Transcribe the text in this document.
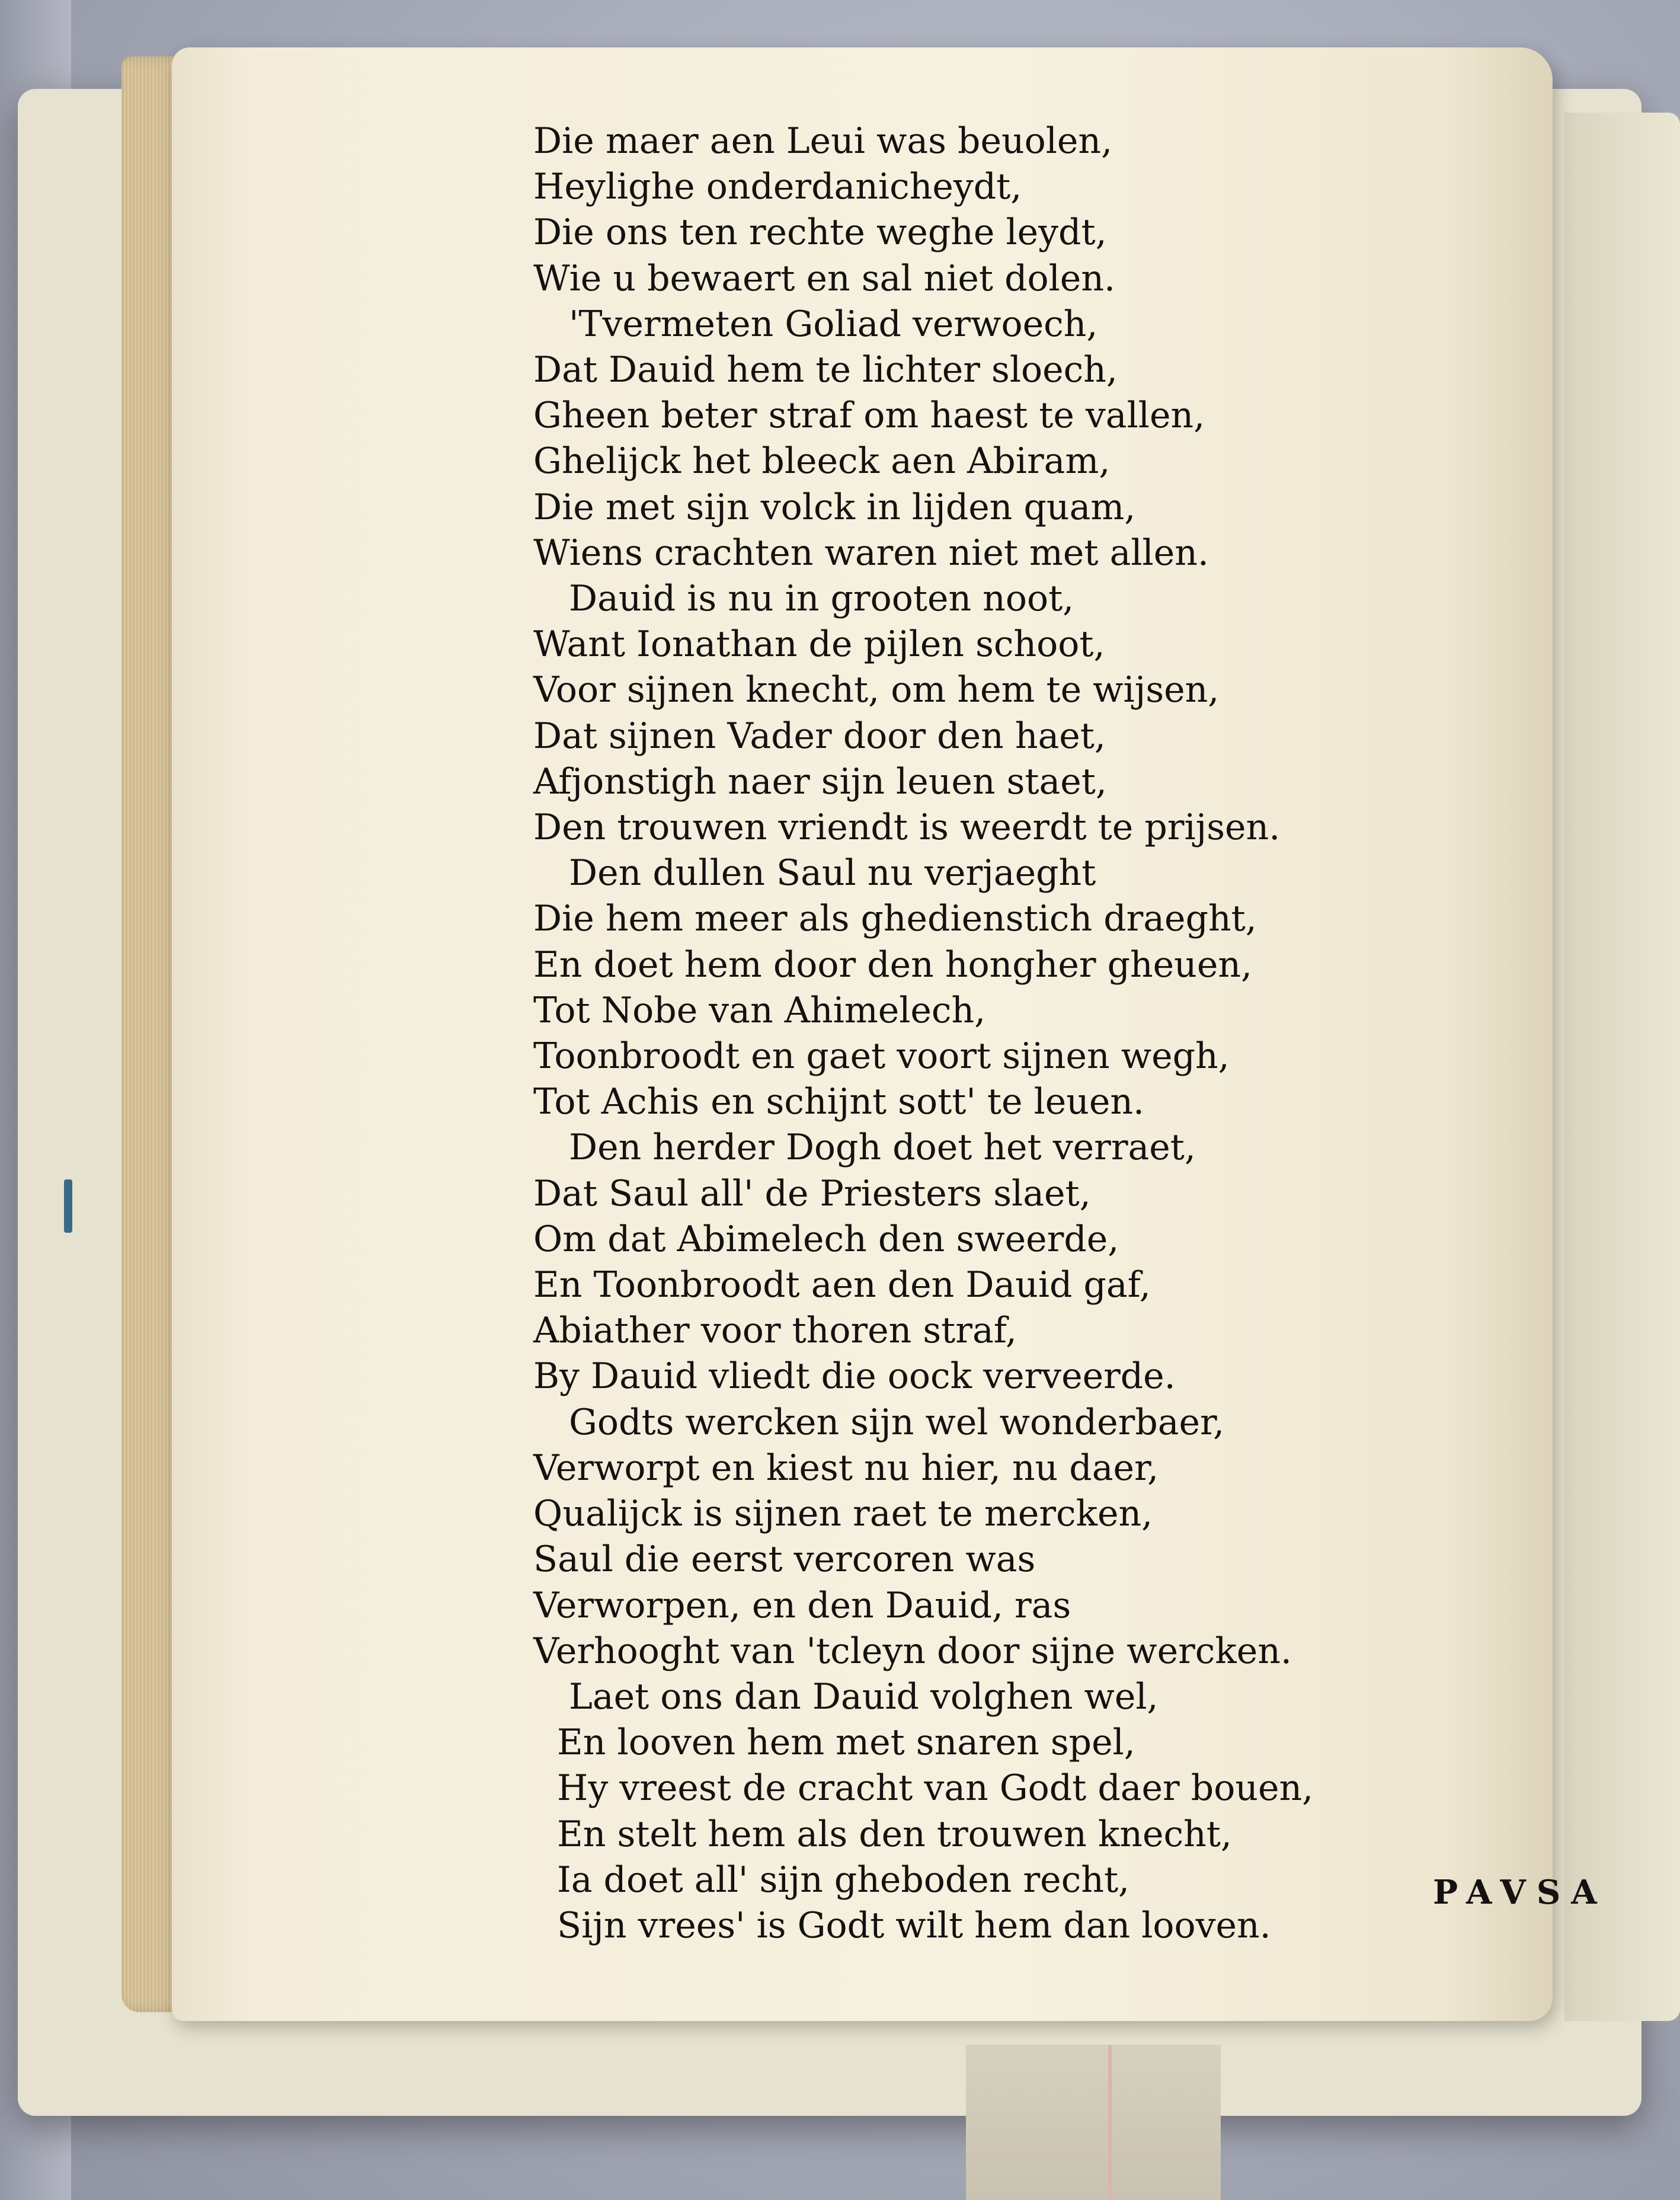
Die maer aen Leui was beuolen,
Heylighe onderdanicheydt,
Die ons ten rechte weghe leydt,
Wie u bewaert en sal niet dolen.
'Tvermeten Goliad verwoech,
Dat Dauid hem te lichter sloech,
Gheen beter straf om haest te vallen,
Ghelijck het bleeck aen Abiram,
Die met sijn volck in lijden quam,
Wiens crachten waren niet met allen.
Dauid is nu in grooten noot,
Want Ionathan de pijlen schoot,
Voor sijnen knecht, om hem te wijsen,
Dat sijnen Vader door den haet,
Afjonstigh naer sijn leuen staet,
Den trouwen vriendt is weerdt te prijsen.
Den dullen Saul nu verjaeght
Die hem meer als ghedienstich draeght,
En doet hem door den hongher gheuen,
Tot Nobe van Ahimelech,
Toonbroodt en gaet voort sijnen wegh,
Tot Achis en schijnt sott' te leuen.
Den herder Dogh doet het verraet,
Dat Saul all' de Priesters slaet,
Om dat Abimelech den sweerde,
En Toonbroodt aen den Dauid gaf,
Abiather voor thoren straf,
By Dauid vliedt die oock verveerde.
Godts wercken sijn wel wonderbaer,
Verworpt en kiest nu hier, nu daer,
Qualijck is sijnen raet te mercken,
Saul die eerst vercoren was
Verworpen, en den Dauid, ras
Verhooght van 'tcleyn door sijne wercken.
Laet ons dan Dauid volghen wel,
En looven hem met snaren spel,
Hy vreest de cracht van Godt daer bouen,
En stelt hem als den trouwen knecht,
Ia doet all' sijn gheboden recht,
Sijn vrees' is Godt wilt hem dan looven.
PAVSA
